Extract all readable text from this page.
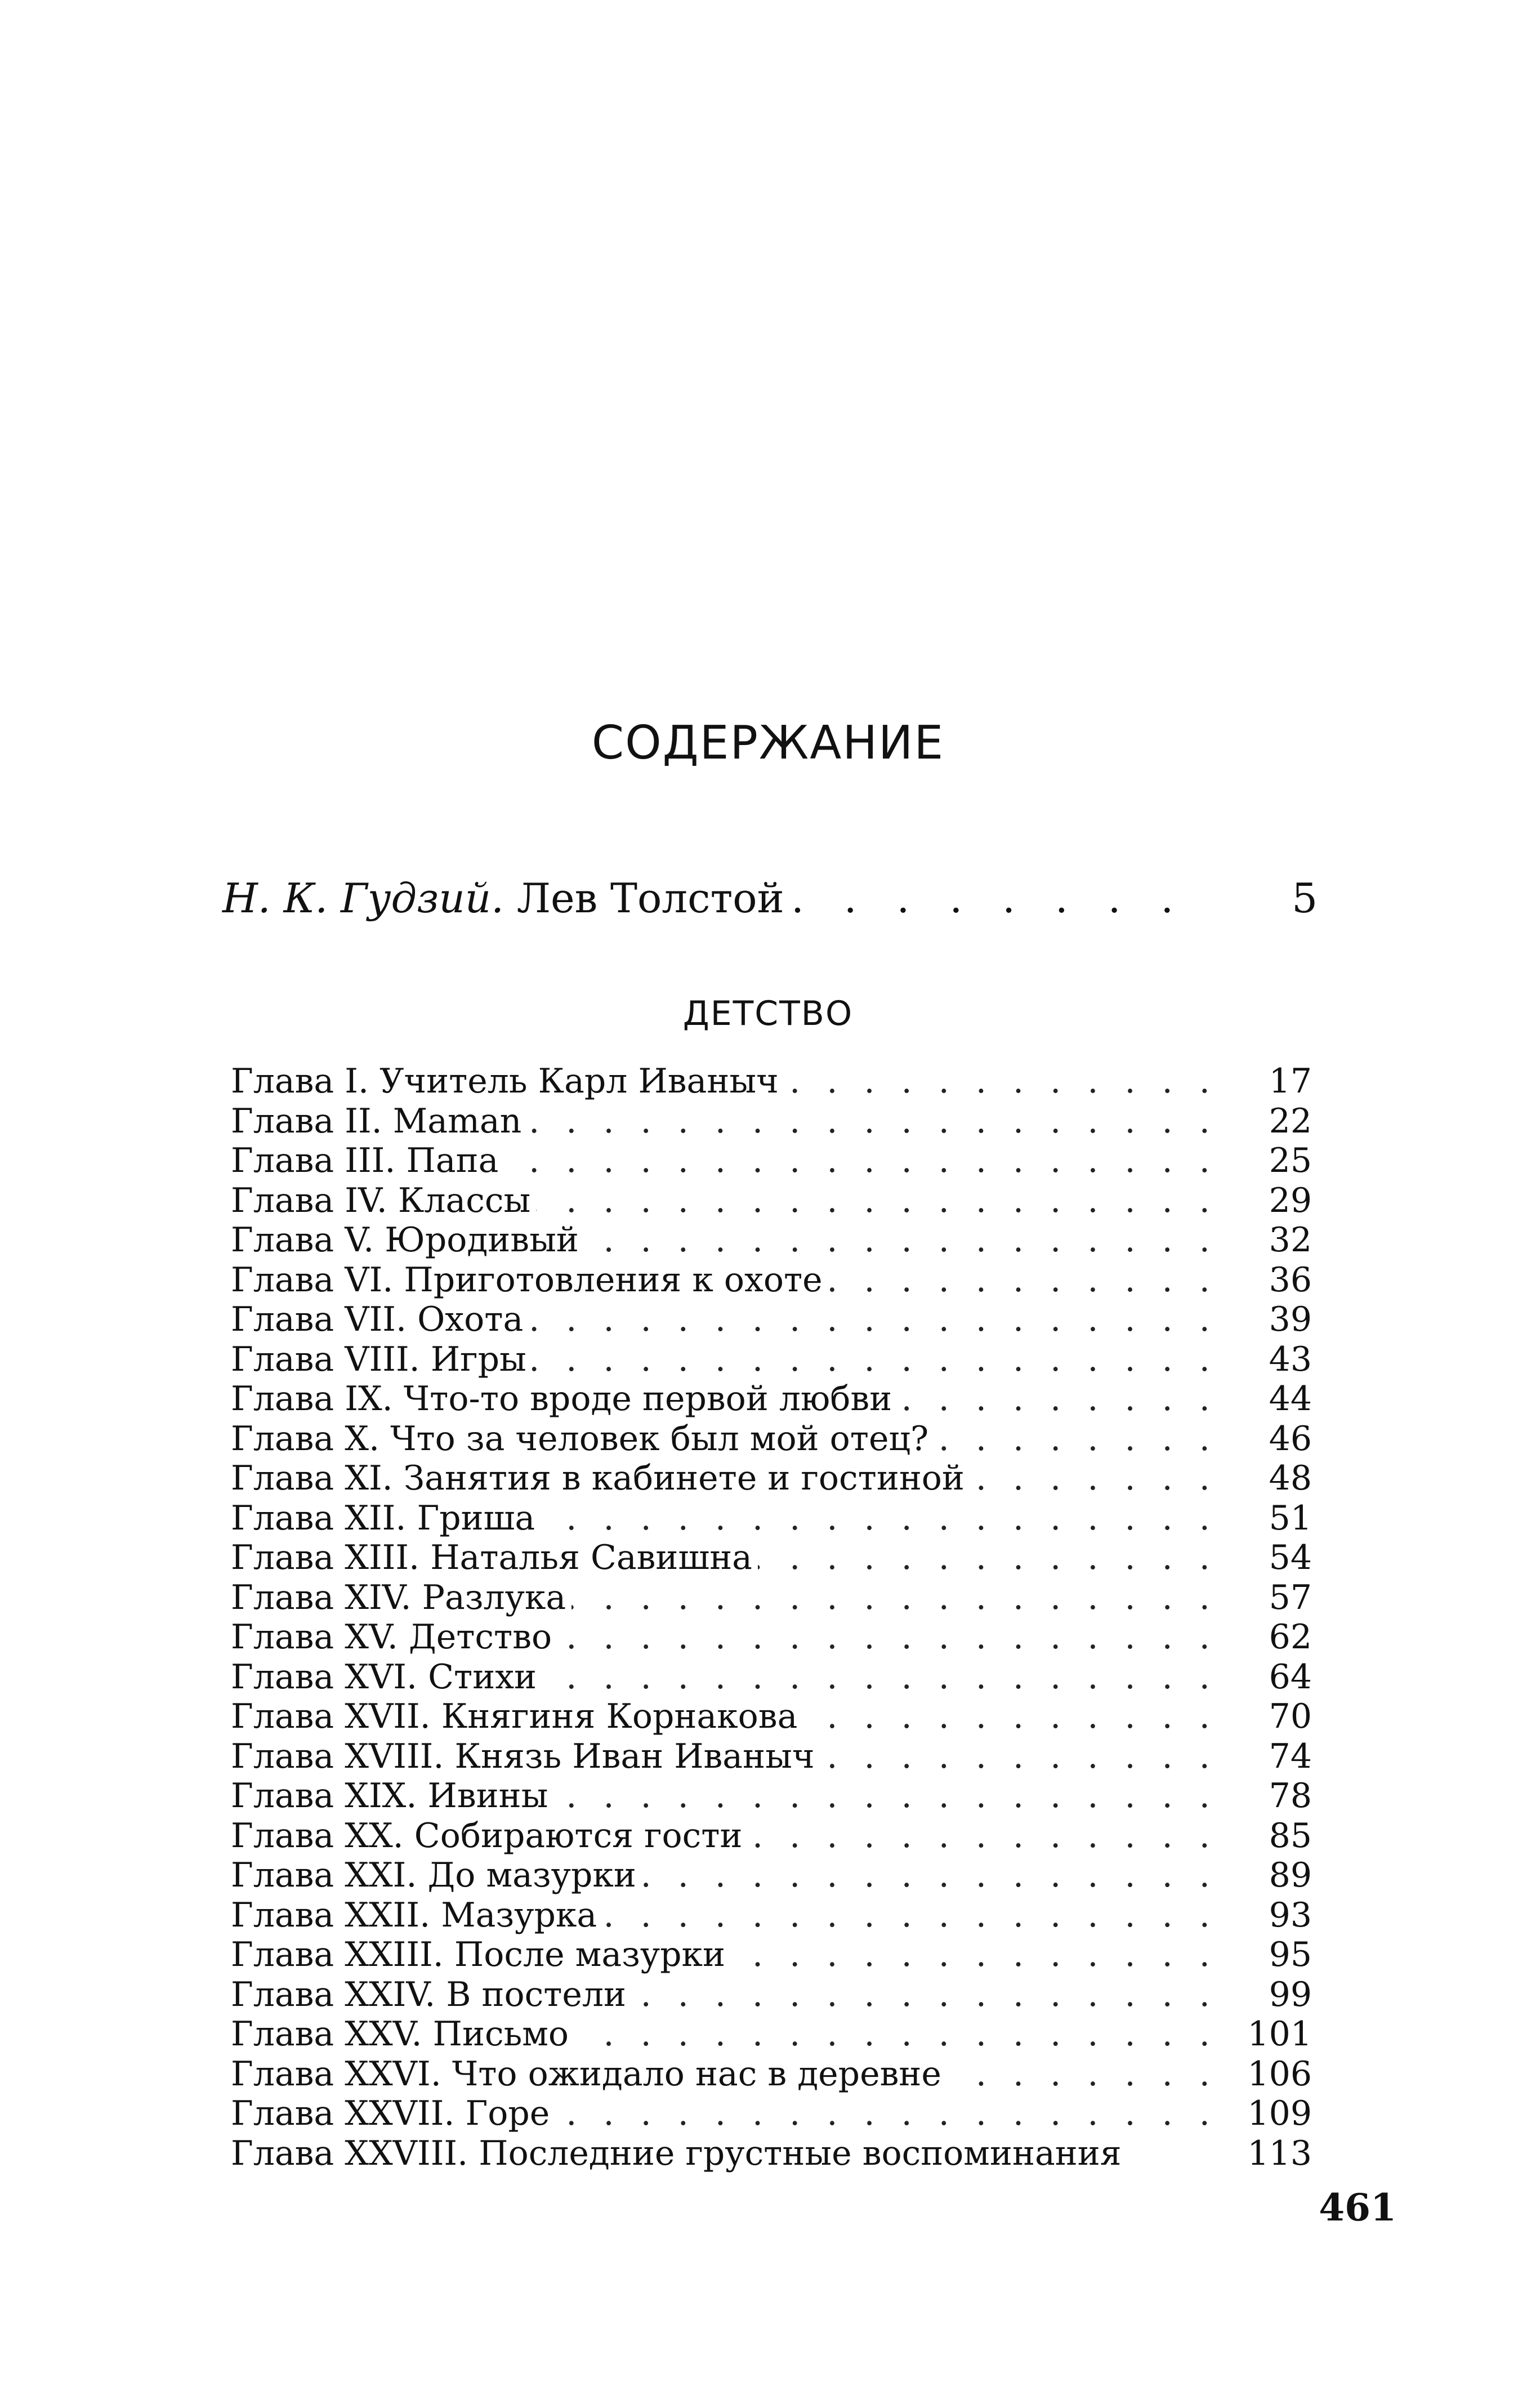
СОДЕРЖАНИЕ
Н. К. Гудзий. Лев Толстой . . . . . . . .	5
ДЕТСТВО
Глава I. Учитель Карл Иваныч . . .	17
Глава II. Maman . . .	22
Глава III. Папа . . .	25
Глава IV. Классы . . .	29
Глава V. Юродивый . . .	32
Глава VI. Приготовления к охоте . . .	36
Глава VII. Охота . . .	39
Глава VIII. Игры . . .	43
Глава IX. Что-то вроде первой любви . . .	44
Глава X. Что за человек был мой отец? . . .	46
Глава XI. Занятия в кабинете и гостиной . . .	48
Глава XII. Гриша . . .	51
Глава XIII. Наталья Савишна . . .	54
Глава XIV. Разлука . . .	57
Глава XV. Детство . . .	62
Глава XVI. Стихи . . .	64
Глава XVII. Княгиня Корнакова . . .	70
Глава XVIII. Князь Иван Иваныч . . .	74
Глава XIX. Ивины . . .	78
Глава XX. Собираются гости . . .	85
Глава XXI. До мазурки . . .	89
Глава XXII. Мазурка . . .	93
Глава XXIII. После мазурки . . .	95
Глава XXIV. В постели . . .	99
Глава XXV. Письмо . . .	101
Глава XXVI. Что ожидало нас в деревне . . .	106
Глава XXVII. Горе . . .	109
Глава XXVIII. Последние грустные воспоминания	113
461
